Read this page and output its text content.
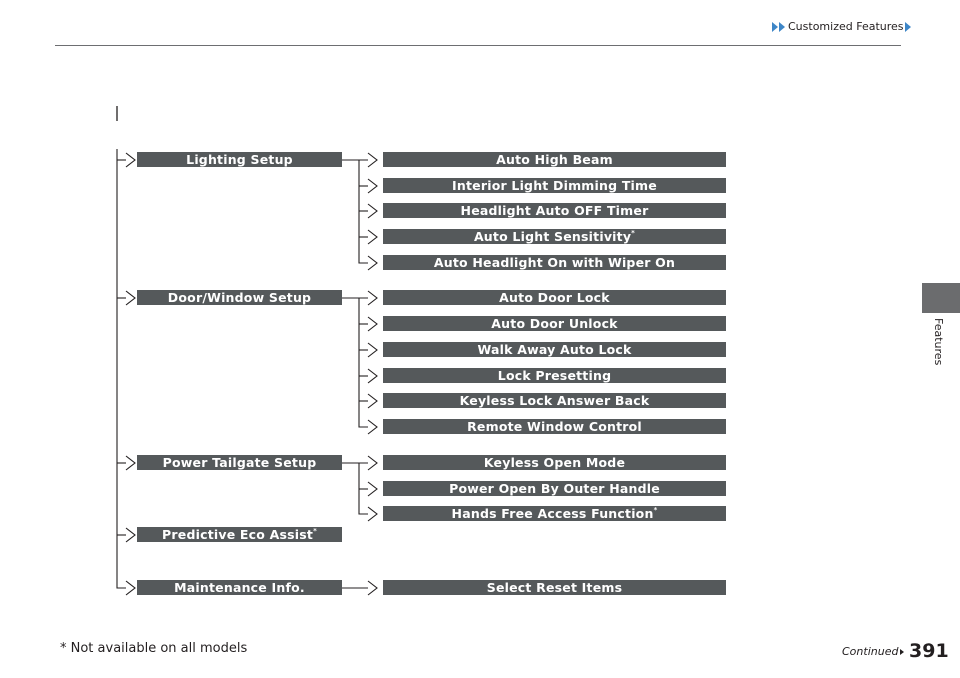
Customized Features
Features
Lighting Setup
Door/Window Setup
Power Tailgate Setup
Predictive Eco Assist*
Maintenance Info.
Auto High Beam
Interior Light Dimming Time
Headlight Auto OFF Timer
Auto Light Sensitivity*
Auto Headlight On with Wiper On
Auto Door Lock
Auto Door Unlock
Walk Away Auto Lock
Lock Presetting
Keyless Lock Answer Back
Remote Window Control
Keyless Open Mode
Power Open By Outer Handle
Hands Free Access Function*
Select Reset Items
* Not available on all models	Continued 391
